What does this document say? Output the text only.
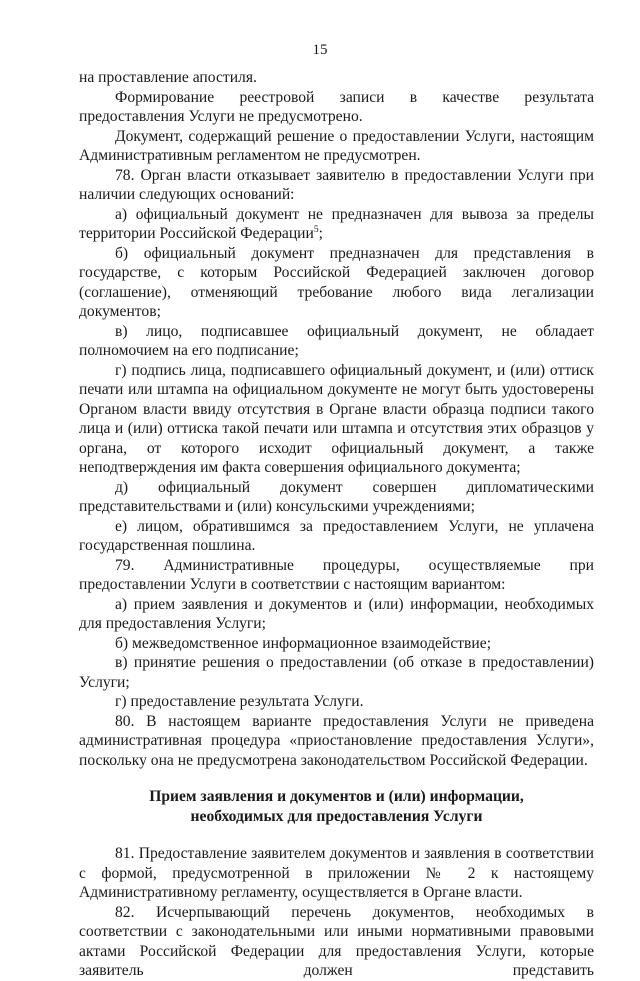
15

на проставление апостиля.

Формирование реестровой записи в качестве результата предоставления Услуги не предусмотрено.

Документ, содержащий решение о предоставлении Услуги, настоящим Административным регламентом не предусмотрен.

78. Орган власти отказывает заявителю в предоставлении Услуги при наличии следующих оснований:

а) официальный документ не предназначен для вывоза за пределы территории Российской Федерации$^5$;

б) официальный документ предназначен для представления в государстве, с которым Российской Федерацией заключен договор (соглашение), отменяющий требование любого вида легализации документов;

в) лицо, подписавшее официальный документ, не обладает полномочием на его подписание;

г) подпись лица, подписавшего официальный документ, и (или) оттиск печати или штампа на официальном документе не могут быть удостоверены Органом власти ввиду отсутствия в Органе власти образца подписи такого лица и (или) оттиска такой печати или штампа и отсутствия этих образцов у органа, от которого исходит официальный документ, а также неподтверждения им факта совершения официального документа;

д) официальный документ совершен дипломатическими представительствами и (или) консульскими учреждениями;

е) лицом, обратившимся за предоставлением Услуги, не уплачена государственная пошлина.

79. Административные процедуры, осуществляемые при предоставлении Услуги в соответствии с настоящим вариантом:

а) прием заявления и документов и (или) информации, необходимых для предоставления Услуги;

б) межведомственное информационное взаимодействие;

в) принятие решения о предоставлении (об отказе в предоставлении) Услуги;

г) предоставление результата Услуги.

80. В настоящем варианте предоставления Услуги не приведена административная процедура «приостановление предоставления Услуги», поскольку она не предусмотрена законодательством Российской Федерации.

Прием заявления и документов и (или) информации,
необходимых для предоставления Услуги

81. Предоставление заявителем документов и заявления в соответствии с формой, предусмотренной в приложении № 2 к настоящему Административному регламенту, осуществляется в Органе власти.

82. Исчерпывающий перечень документов, необходимых в соответствии с законодательными или иными нормативными правовыми актами Российской Федерации для предоставления Услуги, которые заявитель должен представить
